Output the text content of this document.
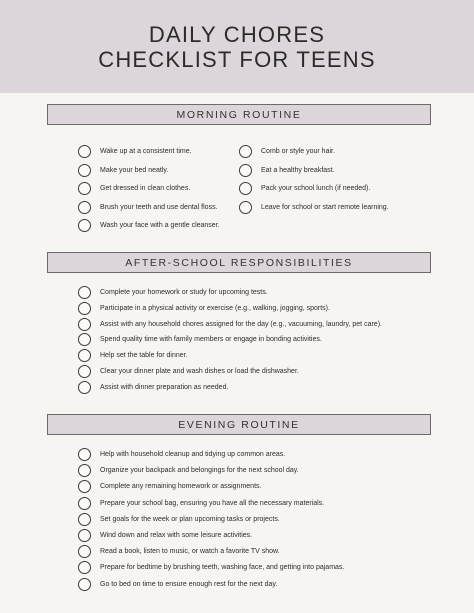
DAILY CHORES
CHECKLIST FOR TEENS
MORNING ROUTINE
Wake up at a consistent time.
Make your bed neatly.
Get dressed in clean clothes.
Brush your teeth and use dental floss.
Wash your face with a gentle cleanser.
Comb or style your hair.
Eat a healthy breakfast.
Pack your school lunch (if needed).
Leave for school or start remote learning.
AFTER-SCHOOL RESPONSIBILITIES
Complete your homework or study for upcoming tests.
Participate in a physical activity or exercise (e.g., walking, jogging, sports).
Assist with any household chores assigned for the day (e.g., vacuuming, laundry, pet care).
Spend quality time with family members or engage in bonding activities.
Help set the table for dinner.
Clear your dinner plate and wash dishes or load the dishwasher.
Assist with dinner preparation as needed.
EVENING ROUTINE
Help with household cleanup and tidying up common areas.
Organize your backpack and belongings for the next school day.
Complete any remaining homework or assignments.
Prepare your school bag, ensuring you have all the necessary materials.
Set goals for the week or plan upcoming tasks or projects.
Wind down and relax with some leisure activities.
Read a book, listen to music, or watch a favorite TV show.
Prepare for bedtime by brushing teeth, washing face, and getting into pajamas.
Go to bed on time to ensure enough rest for the next day.
